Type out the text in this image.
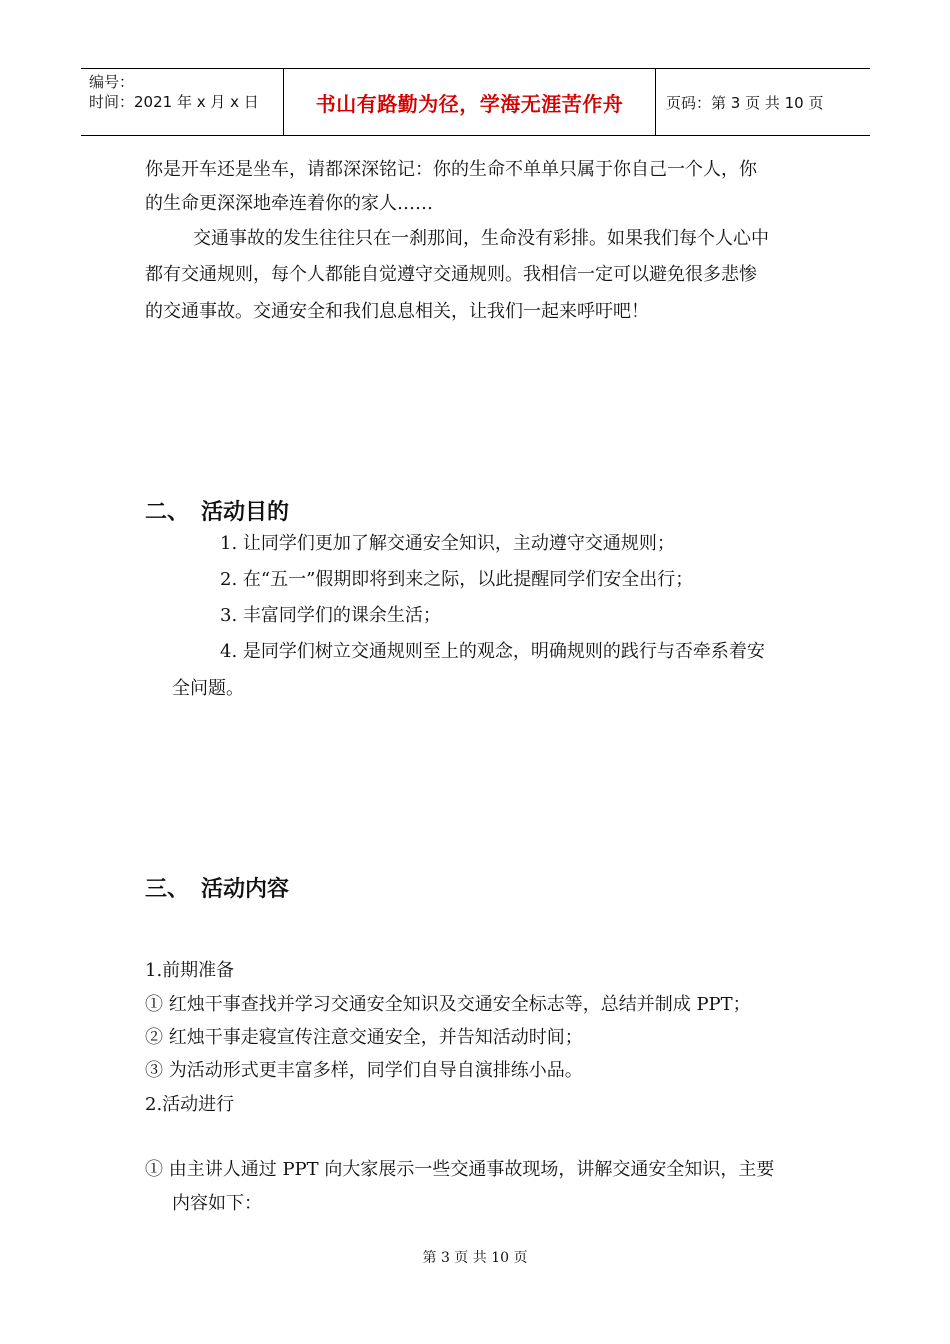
编号：
时间：2021 年 x 月 x 日	书山有路勤为径，学海无涯苦作舟	页码：第 3 页 共 10 页
你是开车还是坐车，请都深深铭记：你的生命不单单只属于你自己一个人，你
的生命更深深地牵连着你的家人……
交通事故的发生往往只在一刹那间，生命没有彩排。如果我们每个人心中
都有交通规则，每个人都能自觉遵守交通规则。我相信一定可以避免很多悲惨
的交通事故。交通安全和我们息息相关，让我们一起来呼吁吧！
二、 活动目的
1. 让同学们更加了解交通安全知识，主动遵守交通规则；
2. 在“五一”假期即将到来之际，以此提醒同学们安全出行；
3. 丰富同学们的课余生活；
4. 是同学们树立交通规则至上的观念，明确规则的践行与否牵系着安
全问题。
三、 活动内容
1.前期准备
① 红烛干事查找并学习交通安全知识及交通安全标志等，总结并制成 PPT；
② 红烛干事走寝宣传注意交通安全，并告知活动时间；
③ 为活动形式更丰富多样，同学们自导自演排练小品。
2.活动进行
① 由主讲人通过 PPT 向大家展示一些交通事故现场，讲解交通安全知识，主要
内容如下：
第 3 页 共 10 页
